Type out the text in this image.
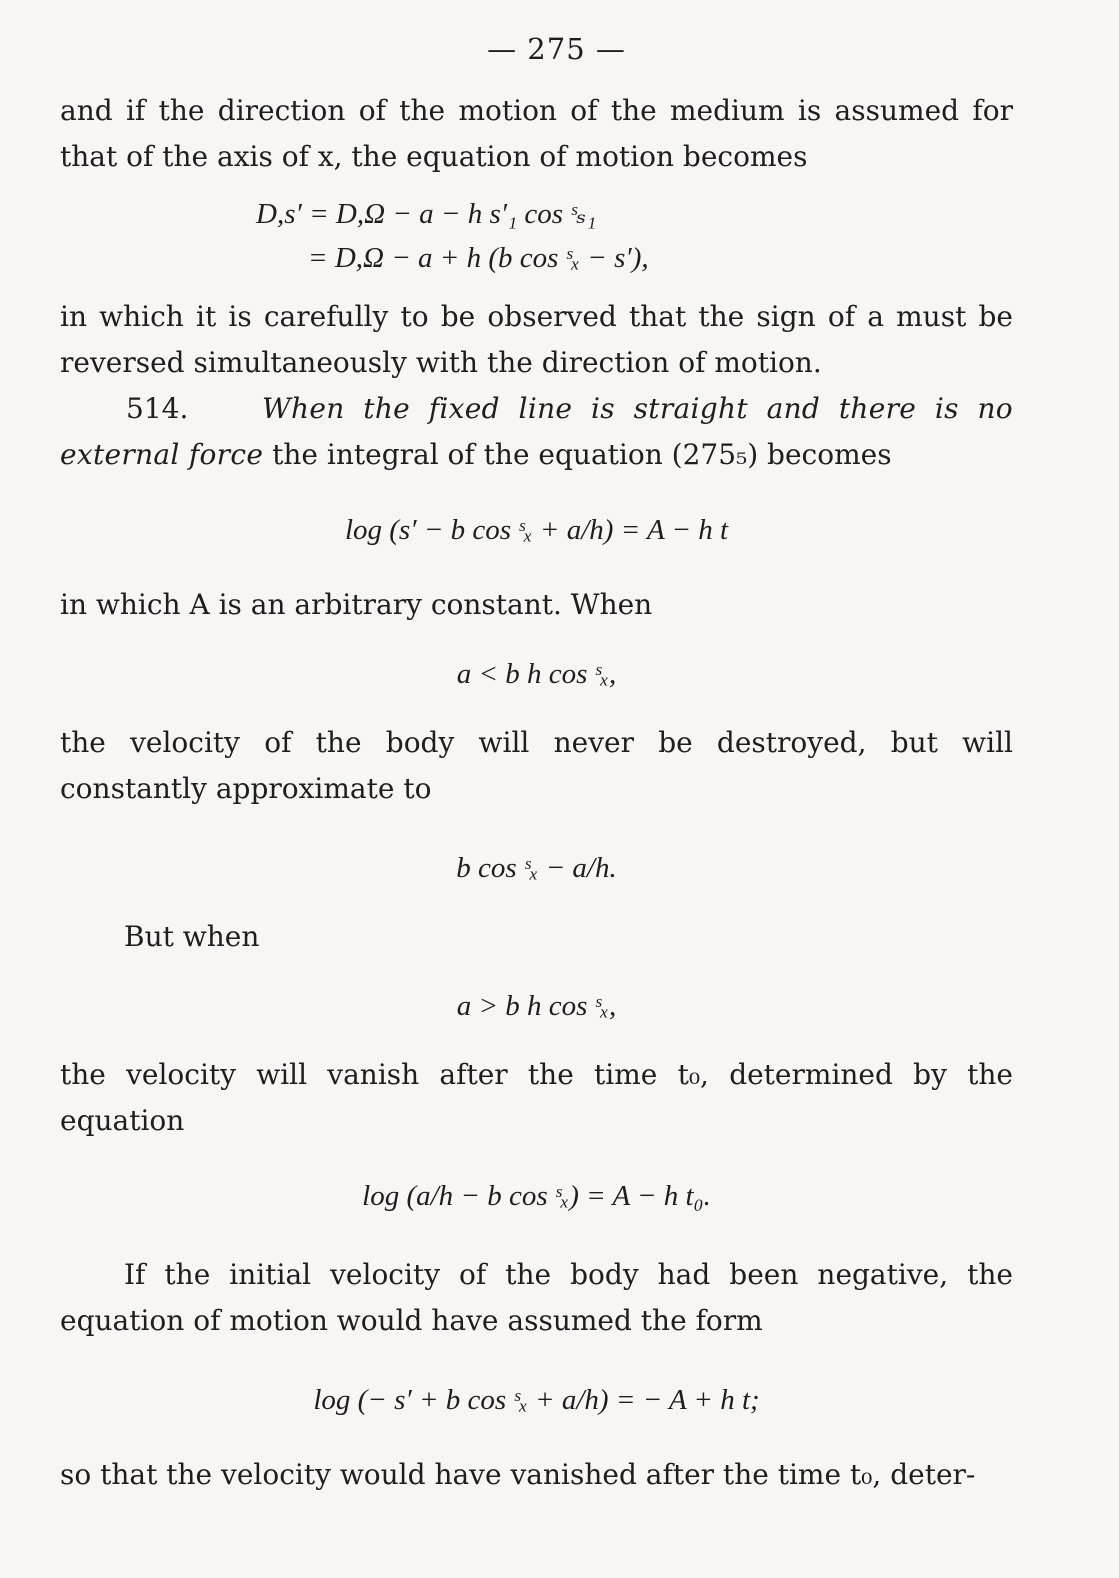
— 275 —

and if the direction of the motion of the medium is assumed for that of the axis of x, the equation of motion becomes

D,s′ = D,Ω − a − h s′₁ cos ˢₛ₁

= D,Ω − a + h (b cos ˢₓ − s′),

in which it is carefully to be observed that the sign of a must be reversed simultaneously with the direction of motion.

514.	When the fixed line is straight and there is no external force the integral of the equation (275₅) becomes

log (s′ − b cos ˢₓ + a/h) = A − h t

in which A is an arbitrary constant. When

a < b h cos ˢₓ,

the velocity of the body will never be destroyed, but will constantly approximate to

b cos ˢₓ − a/h.

But when

a > b h cos ˢₓ,

the velocity will vanish after the time t₀, determined by the equation

log (a/h − b cos ˢₓ) = A − h t₀.

If the initial velocity of the body had been negative, the equation of motion would have assumed the form

log (− s′ + b cos ˢₓ + a/h) = − A + h t;

so that the velocity would have vanished after the time t₀, deter-
